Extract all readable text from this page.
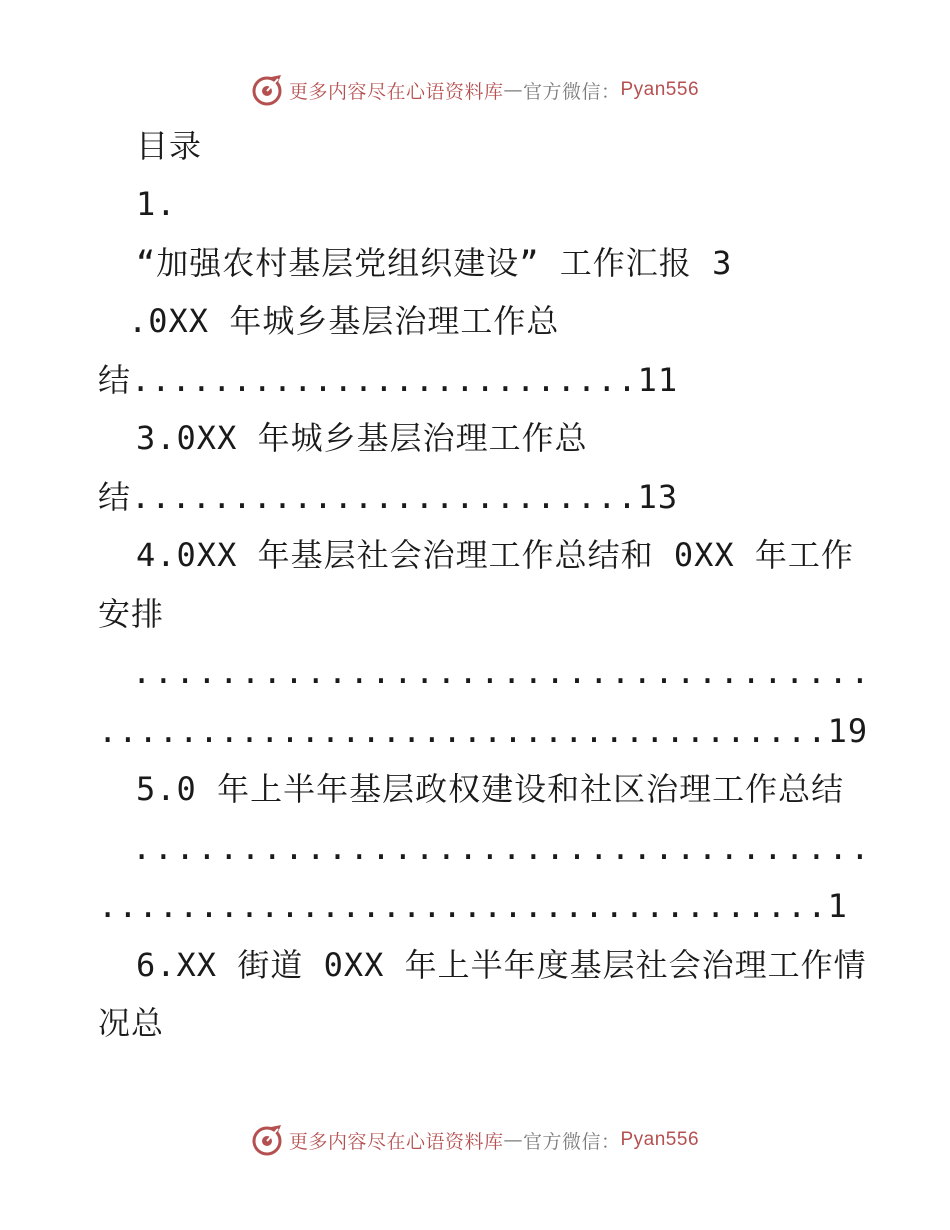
更多内容尽在心语资料库 — 官方微信： Pyan556
目录
1.
“加强农村基层党组织建设” 工作汇报 3
.0XX 年城乡基层治理工作总
结.........................11
3.0XX 年城乡基层治理工作总
结.........................13
4.0XX 年基层社会治理工作总结和 0XX 年工作
安排
..................................
....................................19
5.0 年上半年基层政权建设和社区治理工作总结
..................................
....................................1
6.XX 街道 0XX 年上半年度基层社会治理工作情
况总
更多内容尽在心语资料库 — 官方微信： Pyan556
